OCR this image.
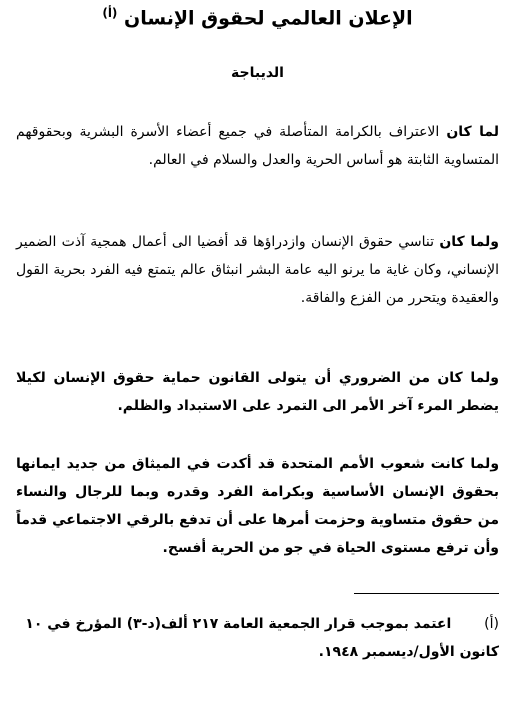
الإعلان العالمي لحقوق الإنسان $^{(أ)}$
الديباجة
لما كان الاعتراف بالكرامة المتأصلة في جميع أعضاء الأسرة البشرية وبحقوقهم المتساوية الثابتة هو أساس الحرية والعدل والسلام في العالم.
ولما كان تناسي حقوق الإنسان وازدراؤها قد أفضيا الى أعمال همجية آذت الضمير الإنساني، وكان غاية ما يرنو اليه عامة البشر انبثاق عالم يتمتع فيه الفرد بحرية القول والعقيدة ويتحرر من الفزع والفاقة.
ولما كان من الضروري أن يتولى القانون حماية حقوق الإنسان لكيلا يضطر المرء آخر الأمر الى التمرد على الاستبداد والظلم.
ولما كانت شعوب الأمم المتحدة قد أكدت في الميثاق من جديد ايمانها بحقوق الإنسان الأساسية وبكرامة الفرد وقدره وبما للرجال والنساء من حقوق متساوية وحزمت أمرها على أن تدفع بالرقي الاجتماعي قدماً وأن ترفع مستوى الحياة في جو من الحرية أفسح.
(أ) اعتمد بموجب قرار الجمعية العامة ٢١٧ ألف(د-٣) المؤرخ في ١٠ كانون الأول/ديسمبر ١٩٤٨.
